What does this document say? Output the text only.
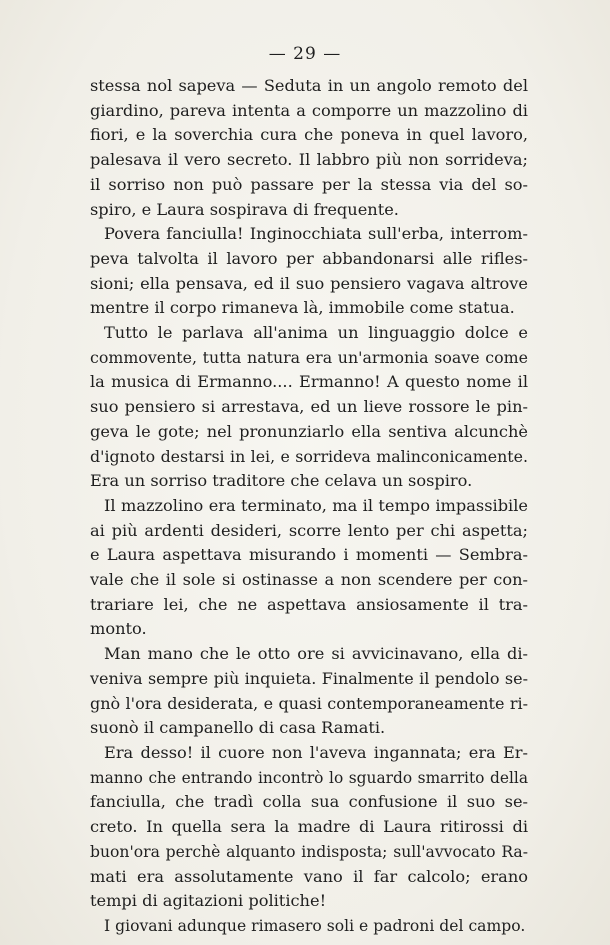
— 29 —
stessa nol sapeva — Seduta in un angolo remoto del
giardino, pareva intenta a comporre un mazzolino di
fiori, e la soverchia cura che poneva in quel lavoro,
palesava il vero secreto. Il labbro più non sorrideva;
il sorriso non può passare per la stessa via del so-
spiro, e Laura sospirava di frequente.
Povera fanciulla! Inginocchiata sull'erba, interrom-
peva talvolta il lavoro per abbandonarsi alle rifles-
sioni; ella pensava, ed il suo pensiero vagava altrove
mentre il corpo rimaneva là, immobile come statua.
Tutto le parlava all'anima un linguaggio dolce e
commovente, tutta natura era un'armonia soave come
la musica di Ermanno.... Ermanno! A questo nome il
suo pensiero si arrestava, ed un lieve rossore le pin-
geva le gote; nel pronunziarlo ella sentiva alcunchè
d'ignoto destarsi in lei, e sorrideva malinconicamente.
Era un sorriso traditore che celava un sospiro.
Il mazzolino era terminato, ma il tempo impassibile
ai più ardenti desideri, scorre lento per chi aspetta;
e Laura aspettava misurando i momenti — Sembra-
vale che il sole si ostinasse a non scendere per con-
trariare lei, che ne aspettava ansiosamente il tra-
monto.
Man mano che le otto ore si avvicinavano, ella di-
veniva sempre più inquieta. Finalmente il pendolo se-
gnò l'ora desiderata, e quasi contemporaneamente ri-
suonò il campanello di casa Ramati.
Era desso! il cuore non l'aveva ingannata; era Er-
manno che entrando incontrò lo sguardo smarrito della
fanciulla, che tradì colla sua confusione il suo se-
creto. In quella sera la madre di Laura ritirossi di
buon'ora perchè alquanto indisposta; sull'avvocato Ra-
mati era assolutamente vano il far calcolo; erano
tempi di agitazioni politiche!
I giovani adunque rimasero soli e padroni del campo.
